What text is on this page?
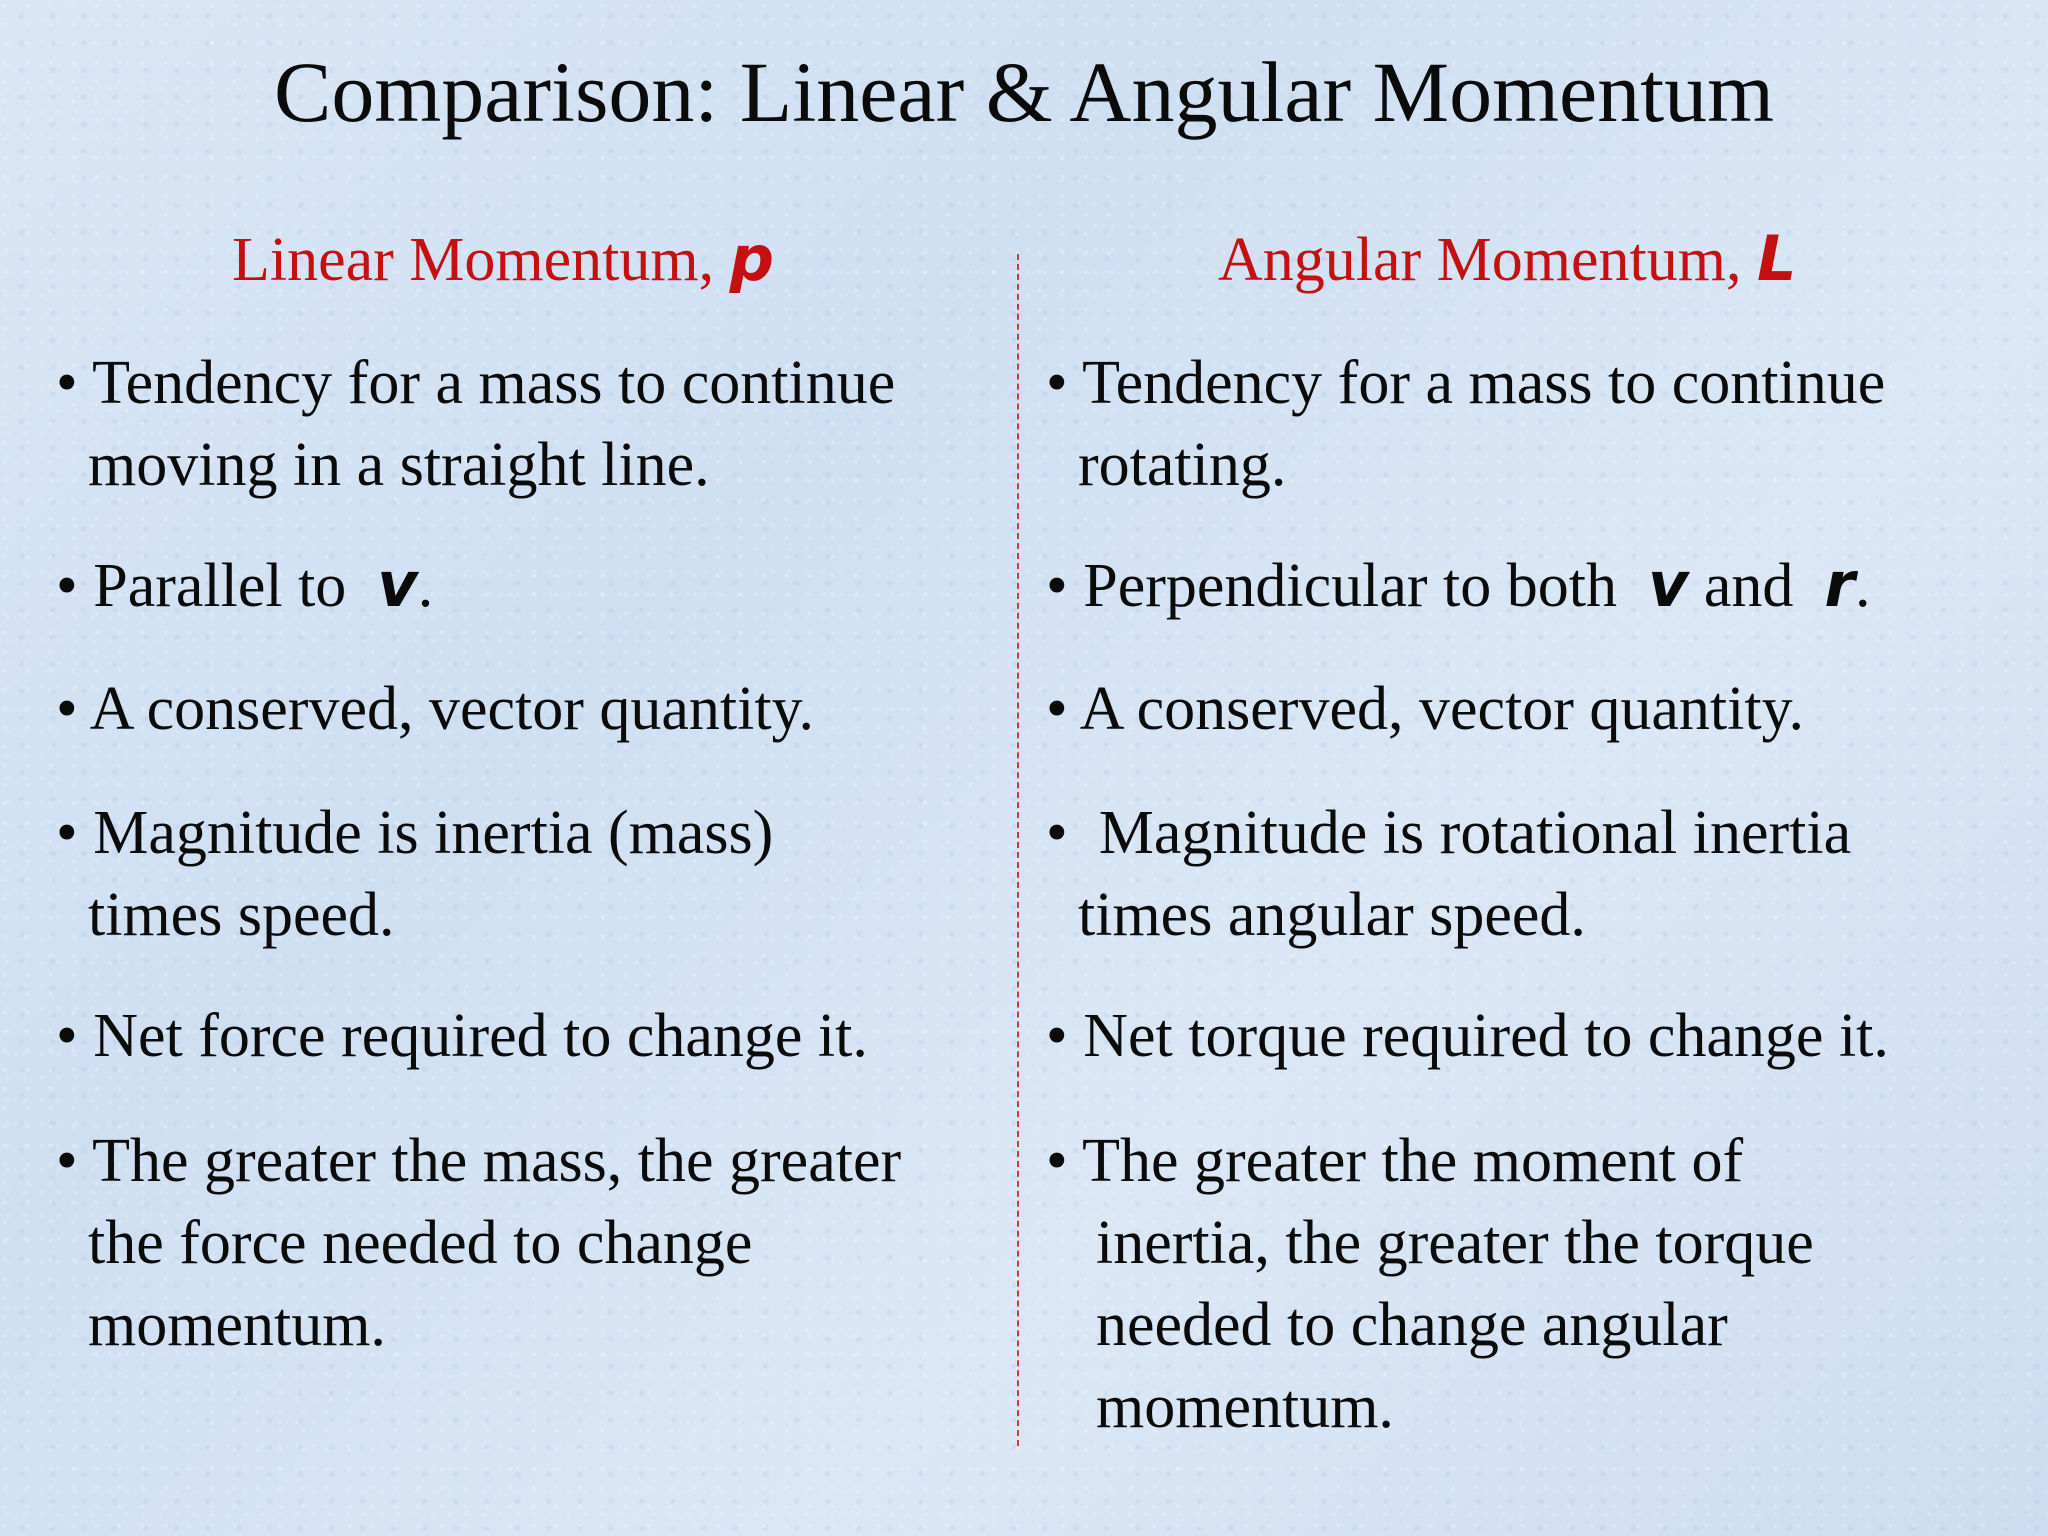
Comparison: Linear & Angular Momentum
Linear Momentum, p	Angular Momentum, L
• Tendency for a mass to continue
moving in a straight line.
• Parallel to  v.
• A conserved, vector quantity.
• Magnitude is inertia (mass)
times speed.
• Net force required to change it.
• The greater the mass, the greater
the force needed to change
momentum.
• Tendency for a mass to continue
rotating.
• Perpendicular to both  v and  r.
• A conserved, vector quantity.
•  Magnitude is rotational inertia
times angular speed.
• Net torque required to change it.
• The greater the moment of
inertia, the greater the torque
needed to change angular
momentum.
